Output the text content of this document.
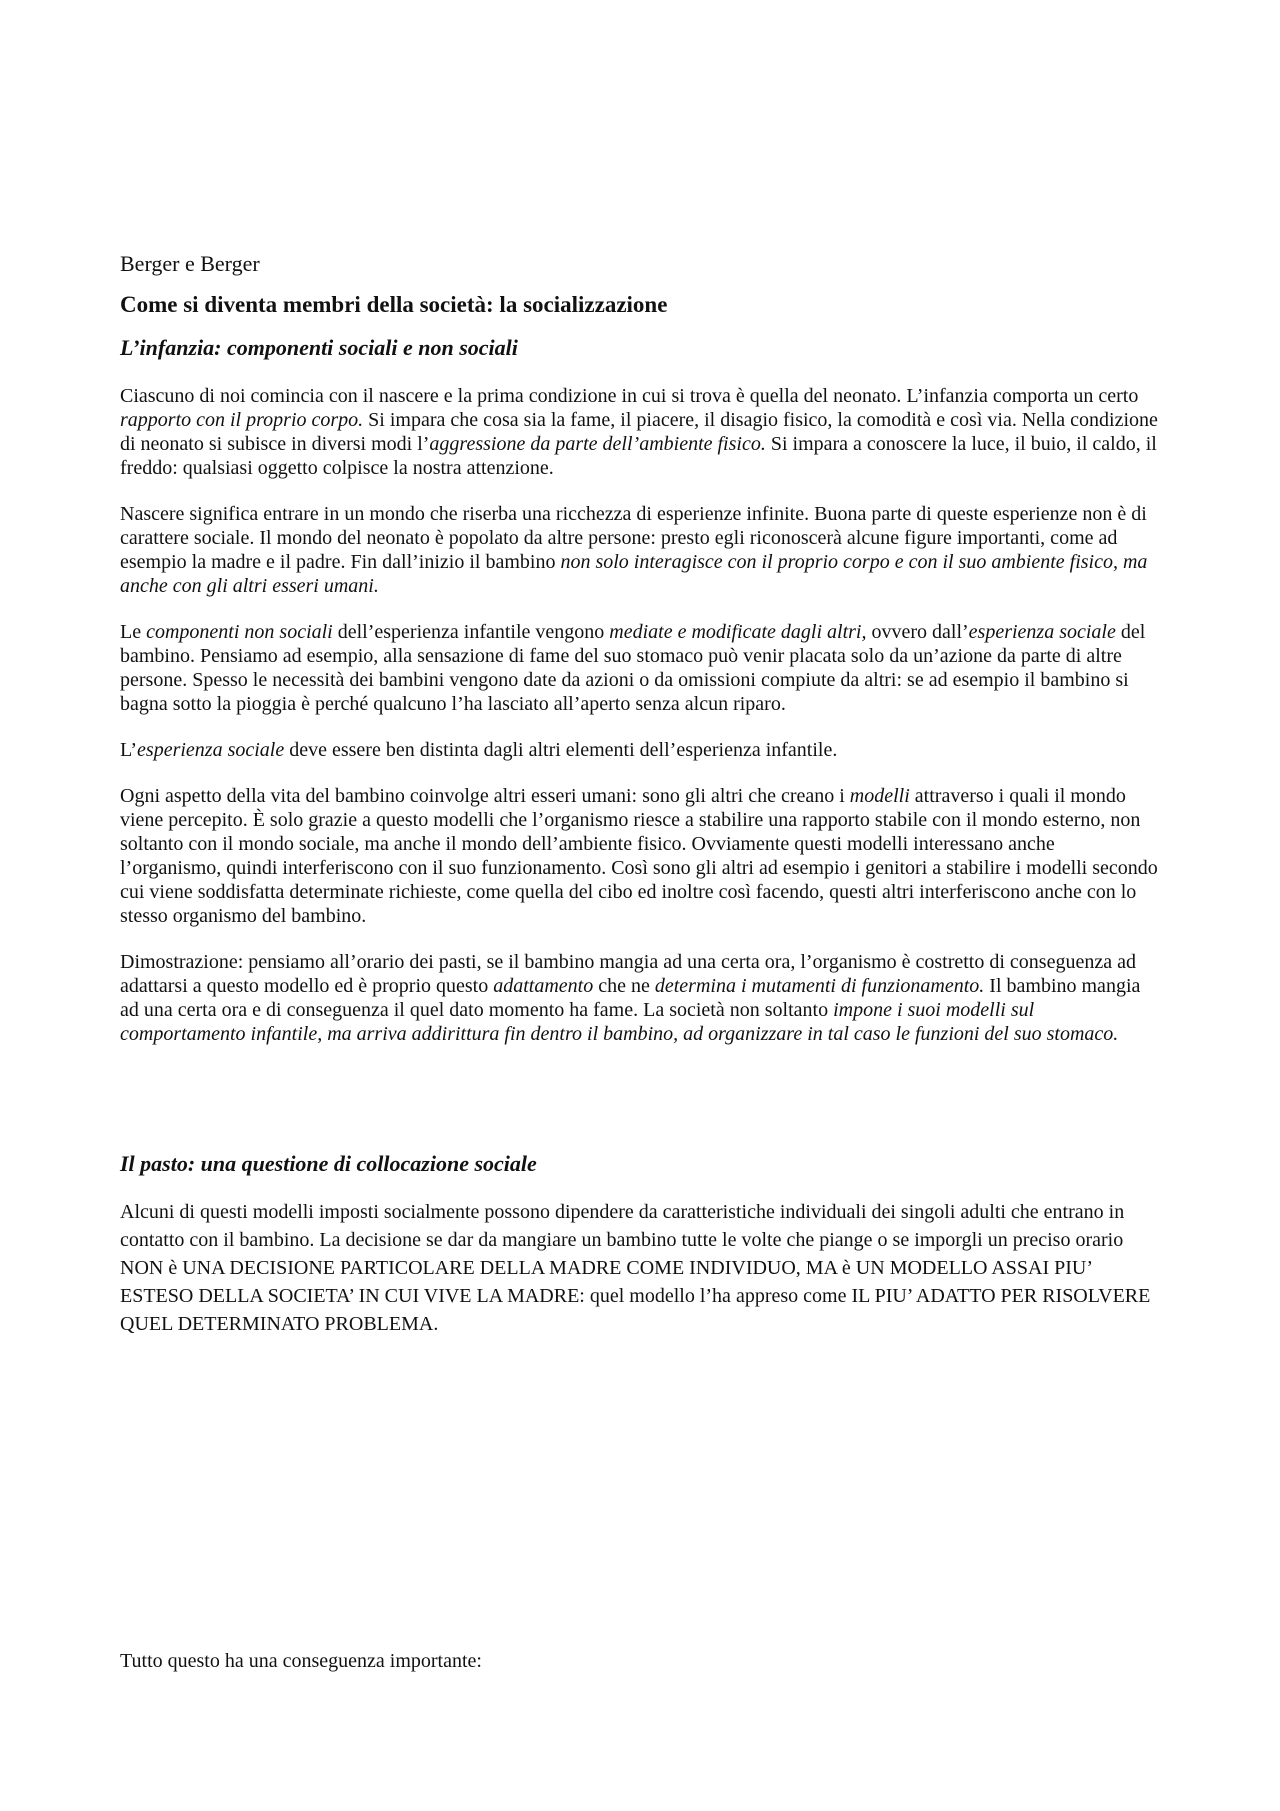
Berger e Berger
Come si diventa membri della società: la socializzazione
L’infanzia: componenti sociali e non sociali

Ciascuno di noi comincia con il nascere e la prima condizione in cui si trova è quella del neonato. L’infanzia comporta un certo rapporto con il proprio corpo. Si impara che cosa sia la fame, il piacere, il disagio fisico, la comodità e così via. Nella condizione di neonato si subisce in diversi modi l’aggressione da parte dell’ambiente fisico. Si impara a conoscere la luce, il buio, il caldo, il freddo: qualsiasi oggetto colpisce la nostra attenzione.

Nascere significa entrare in un mondo che riserba una ricchezza di esperienze infinite. Buona parte di queste esperienze non è di carattere sociale. Il mondo del neonato è popolato da altre persone: presto egli riconoscerà alcune figure importanti, come ad esempio la madre e il padre. Fin dall’inizio il bambino non solo interagisce con il proprio corpo e con il suo ambiente fisico, ma anche con gli altri esseri umani.

Le componenti non sociali dell’esperienza infantile vengono mediate e modificate dagli altri, ovvero dall’esperienza sociale del bambino. Pensiamo ad esempio, alla sensazione di fame del suo stomaco può venir placata solo da un’azione da parte di altre persone. Spesso le necessità dei bambini vengono date da azioni o da omissioni compiute da altri: se ad esempio il bambino si bagna sotto la pioggia è perché qualcuno l’ha lasciato all’aperto senza alcun riparo.

L’esperienza sociale deve essere ben distinta dagli altri elementi dell’esperienza infantile.

Ogni aspetto della vita del bambino coinvolge altri esseri umani: sono gli altri che creano i modelli attraverso i quali il mondo viene percepito. È solo grazie a questo modelli che l’organismo riesce a stabilire una rapporto stabile con il mondo esterno, non soltanto con il mondo sociale, ma anche il mondo dell’ambiente fisico. Ovviamente questi modelli interessano anche l’organismo, quindi interferiscono con il suo funzionamento. Così sono gli altri ad esempio i genitori a stabilire i modelli secondo cui viene soddisfatta determinate richieste, come quella del cibo ed inoltre così facendo, questi altri interferiscono anche con lo stesso organismo del bambino.

Dimostrazione: pensiamo all’orario dei pasti, se il bambino mangia ad una certa ora, l’organismo è costretto di conseguenza ad adattarsi a questo modello ed è proprio questo adattamento che ne determina i mutamenti di funzionamento. Il bambino mangia ad una certa ora e di conseguenza il quel dato momento ha fame. La società non soltanto impone i suoi modelli sul comportamento infantile, ma arriva addirittura fin dentro il bambino, ad organizzare in tal caso le funzioni del suo stomaco.

Il pasto: una questione di collocazione sociale

Alcuni di questi modelli imposti socialmente possono dipendere da caratteristiche individuali dei singoli adulti che entrano in contatto con il bambino. La decisione se dar da mangiare un bambino tutte le volte che piange o se imporgli un preciso orario NON è UNA DECISIONE PARTICOLARE DELLA MADRE COME INDIVIDUO, MA è UN MODELLO ASSAI PIU’ ESTESO DELLA SOCIETA’ IN CUI VIVE LA MADRE: quel modello l’ha appreso come IL PIU’ ADATTO PER RISOLVERE QUEL DETERMINATO PROBLEMA.

Tutto questo ha una conseguenza importante:
